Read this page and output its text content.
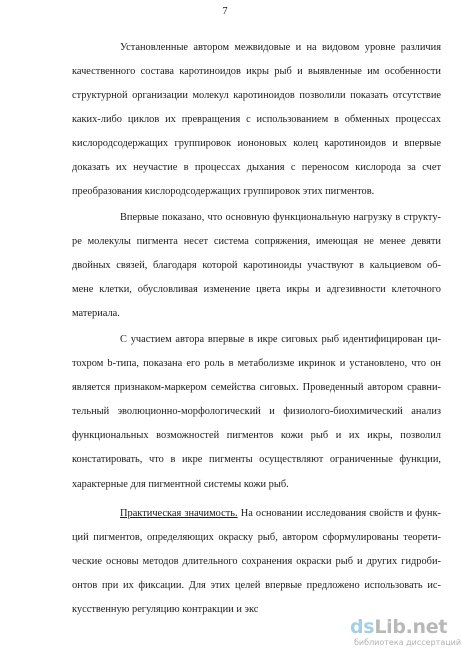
7
Установленные автором межвидовые и на видовом уровне различия
качественного состава каротиноидов икры рыб и выявленные им особенности
структурной организации молекул каротиноидов позволили показать отсутствие
каких-либо циклов их превращения с использованием в обменных процессах
кислородсодержащих группировок иононовых колец каротиноидов и впервые
доказать их неучастие в процессах дыхания с переносом кислорода за счет
преобразования кислородсодержащих группировок этих пигментов.
Впервые показано, что основную функциональную нагрузку в структу-
ре молекулы пигмента несет система сопряжения, имеющая не менее девяти
двойных связей, благодаря которой каротиноиды участвуют в кальциевом об-
мене клетки, обусловливая изменение цвета икры и адгезивности клеточного
материала.
С участием автора впервые в икре сиговых рыб идентифицирован ци-
тохром b-типа, показана его роль в метаболизме икринок и установлено, что он
является признаком-маркером семейства сиговых. Проведенный автором сравни-
тельный эволюционно-морфологический и физиолого-биохимический анализ
функциональных возможностей пигментов кожи рыб и их икры, позволил
констатировать, что в икре пигменты осуществляют ограниченные функции,
характерные для пигментной системы кожи рыб.
Практическая значимость. На основании исследования свойств и функ-
ций пигментов, определяющих окраску рыб, автором сформулированы теорети-
ческие основы методов длительного сохранения окраски рыб и других гидроби-
онтов при их фиксации. Для этих целей впервые предложено использовать ис-
кусственную регуляцию контракции и экс
dsLib.net
библиотека диссертаций
